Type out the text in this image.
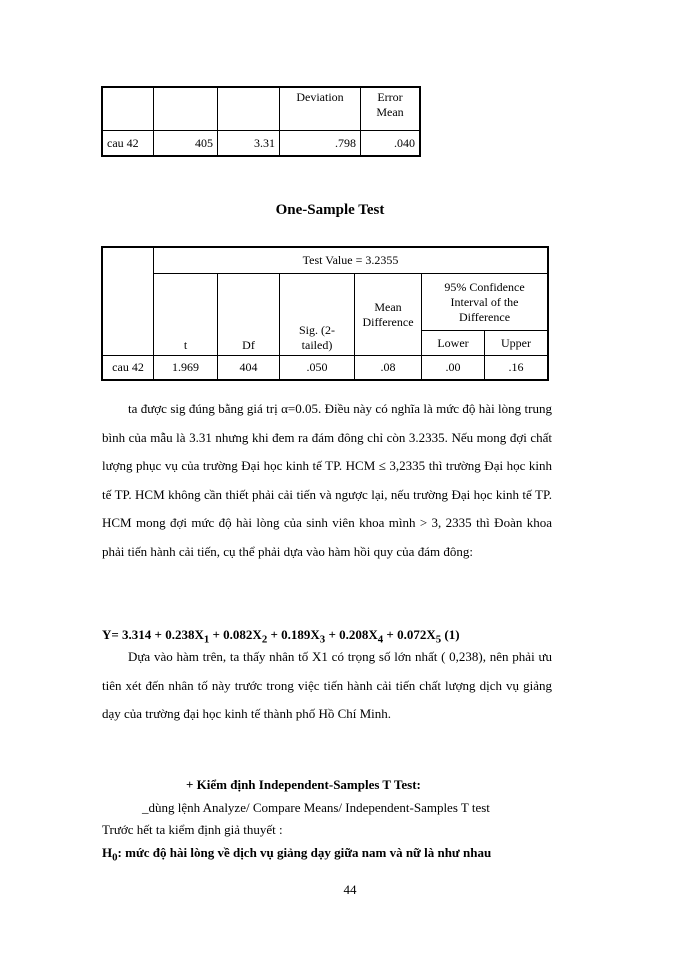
			Deviation	Error
Mean
cau 42	405	3.31	.798	.040
One-Sample Test
	Test Value = 3.2355					
	t	Df	Sig. (2-tailed)	Mean Difference	95% Confidence Interval of the Difference	
					Lower	Upper
cau 42	1.969	404	.050	.08	.00	.16

ta được sig đúng bằng giá trị α=0.05. Điều này có nghĩa là mức độ hài lòng trung bình của mẫu là 3.31 nhưng khi đem ra đám đông chỉ còn 3.2335. Nếu mong đợi chất lượng phục vụ của trường Đại học kinh tế TP. HCM ≤ 3,2335 thì trường Đại học kinh tế TP. HCM không cần thiết phải cải tiến và ngược lại, nếu trường Đại học kinh tế TP. HCM mong đợi mức độ hài lòng của sinh viên khoa mình > 3, 2335 thì Đoàn khoa phải tiến hành cải tiến, cụ thể phải dựa vào hàm hồi quy của đám đông:

$Y= 3.314 + 0.238X_1 + 0.082X_2 + 0.189X_3 + 0.208X_4 + 0.072X_5$ (1)

Dựa vào hàm trên, ta thấy nhân tố X1 có trọng số lớn nhất ( 0,238), nên phải ưu tiên xét đến nhân tố này trước trong việc tiến hành cải tiến chất lượng dịch vụ giảng dạy của trường đại học kinh tế thành phố Hồ Chí Minh.

+ Kiểm định Independent-Samples T Test:
_dùng lệnh Analyze/ Compare Means/ Independent-Samples T test
Trước hết ta kiểm định giả thuyết :
$H_0$: mức độ hài lòng về dịch vụ giảng dạy giữa nam và nữ là như nhau
44
